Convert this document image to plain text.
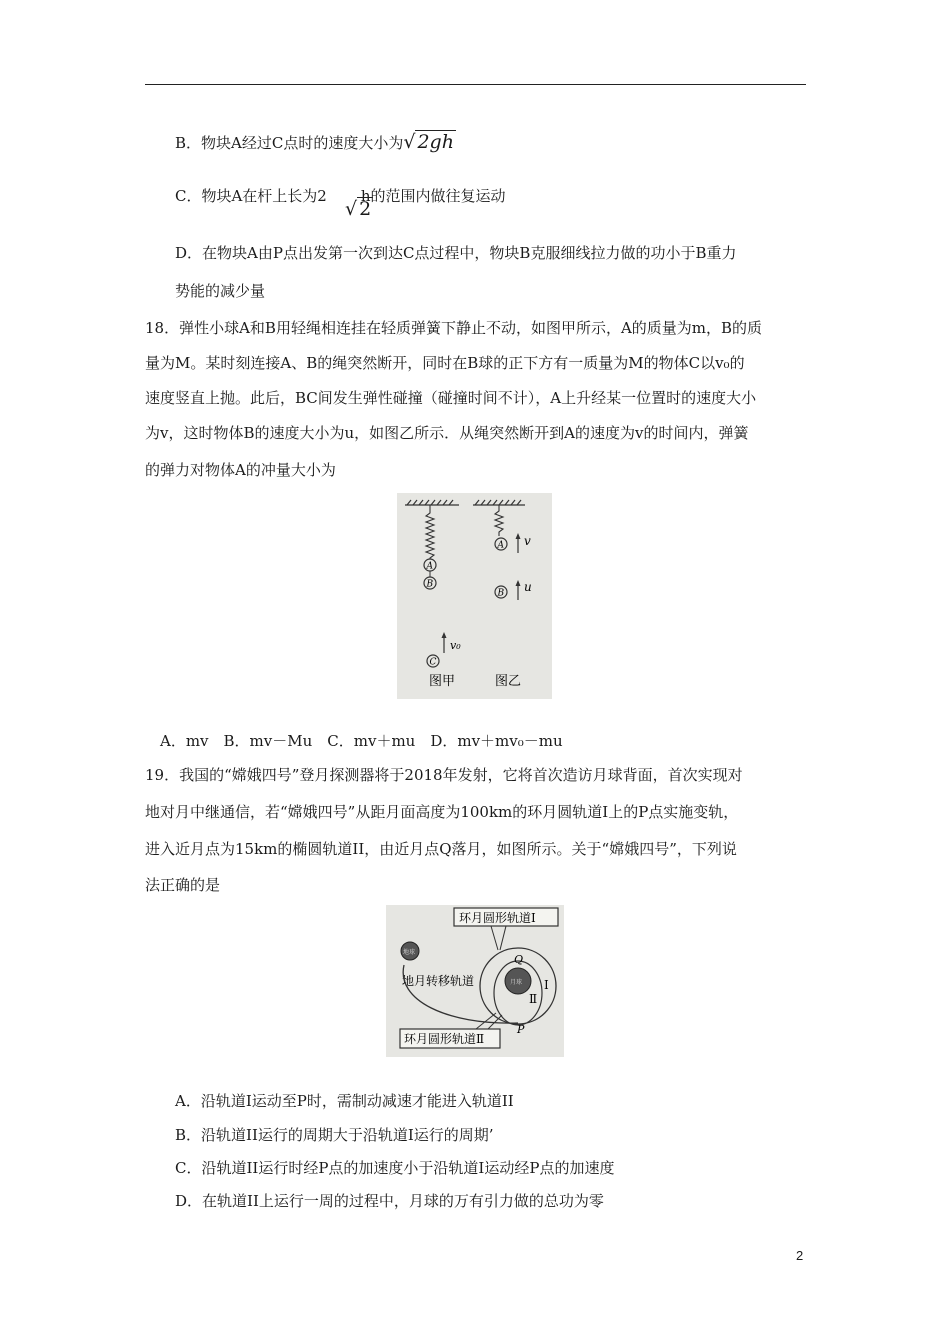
B．物块A经过C点时的速度大小为√ 2gh
C．物块A在杆上长为2 h的范围内做往复运动
√ 2
D．在物块A由P点出发第一次到达C点过程中，物块B克服细线拉力做的功小于B重力
势能的减少量
18．弹性小球A和B用轻绳相连挂在轻质弹簧下静止不动，如图甲所示，A的质量为m，B的质
量为M。某时刻连接A、B的绳突然断开，同时在B球的正下方有一质量为M的物体C以v₀的
速度竖直上抛。此后，BC间发生弹性碰撞（碰撞时间不计），A上升经某一位置时的速度大小
为v，这时物体B的速度大小为u，如图乙所示．从绳突然断开到A的速度为v的时间内，弹簧
的弹力对物体A的冲量大小为
A
B
C
v₀
A
B
v
u
图甲	图乙
A．mv　B．mv－Mu　C．mv＋mu　D．mv＋mv₀－mu
19．我国的“嫦娥四号”登月探测器将于2018年发射，它将首次造访月球背面，首次实现对
地对月中继通信，若“嫦娥四号”从距月面高度为100km的环月圆轨道Ⅰ上的P点实施变轨，
进入近月点为15km的椭圆轨道II，由近月点Q落月，如图所示。关于“嫦娥四号”，下列说
法正确的是
环月圆形轨道Ⅰ
地球
地月转移轨道	月球
Q
Ⅰ
Ⅱ
P
环月圆形轨道Ⅱ
A．沿轨道Ⅰ运动至P时，需制动减速才能进入轨道II
B．沿轨道II运行的周期大于沿轨道Ⅰ运行的周期’
C．沿轨道II运行时经P点的加速度小于沿轨道Ⅰ运动经P点的加速度
D．在轨道II上运行一周的过程中，月球的万有引力做的总功为零
2
